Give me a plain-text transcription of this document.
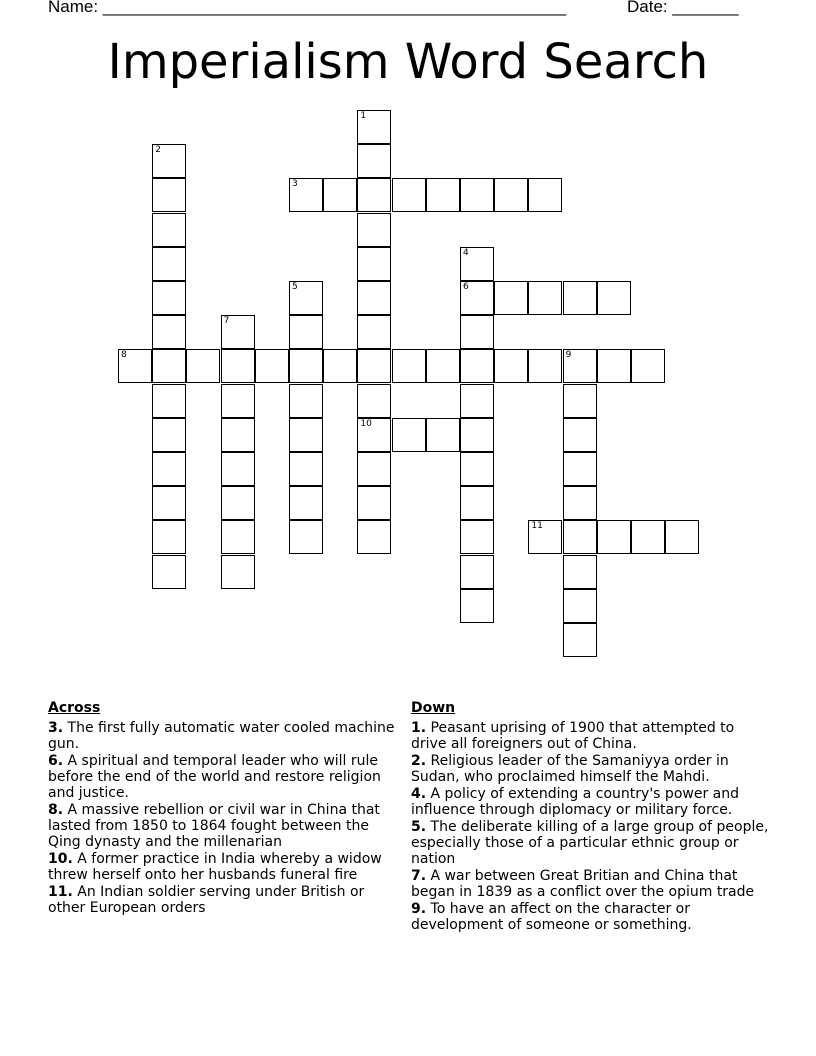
Name: _________________________________________________	Date: _______
Imperialism Word Search
1
10
2
3
4
6
5
7
8	9
11
Across
3. The first fully automatic water cooled machine gun.
6. A spiritual and temporal leader who will rule before the end of the world and restore religion and justice.
8. A massive rebellion or civil war in China that lasted from 1850 to 1864 fought between the Qing dynasty and the millenarian
10. A former practice in India whereby a widow threw herself onto her husbands funeral fire
11. An Indian soldier serving under British or other European orders
Down
1. Peasant uprising of 1900 that attempted to drive all foreigners out of China.
2. Religious leader of the Samaniyya order in Sudan, who proclaimed himself the Mahdi.
4. A policy of extending a country's power and influence through diplomacy or military force.
5. The deliberate killing of a large group of people, especially those of a particular ethnic group or nation
7. A war between Great Britian and China that began in 1839 as a conflict over the opium trade
9. To have an affect on the character or development of someone or something.
